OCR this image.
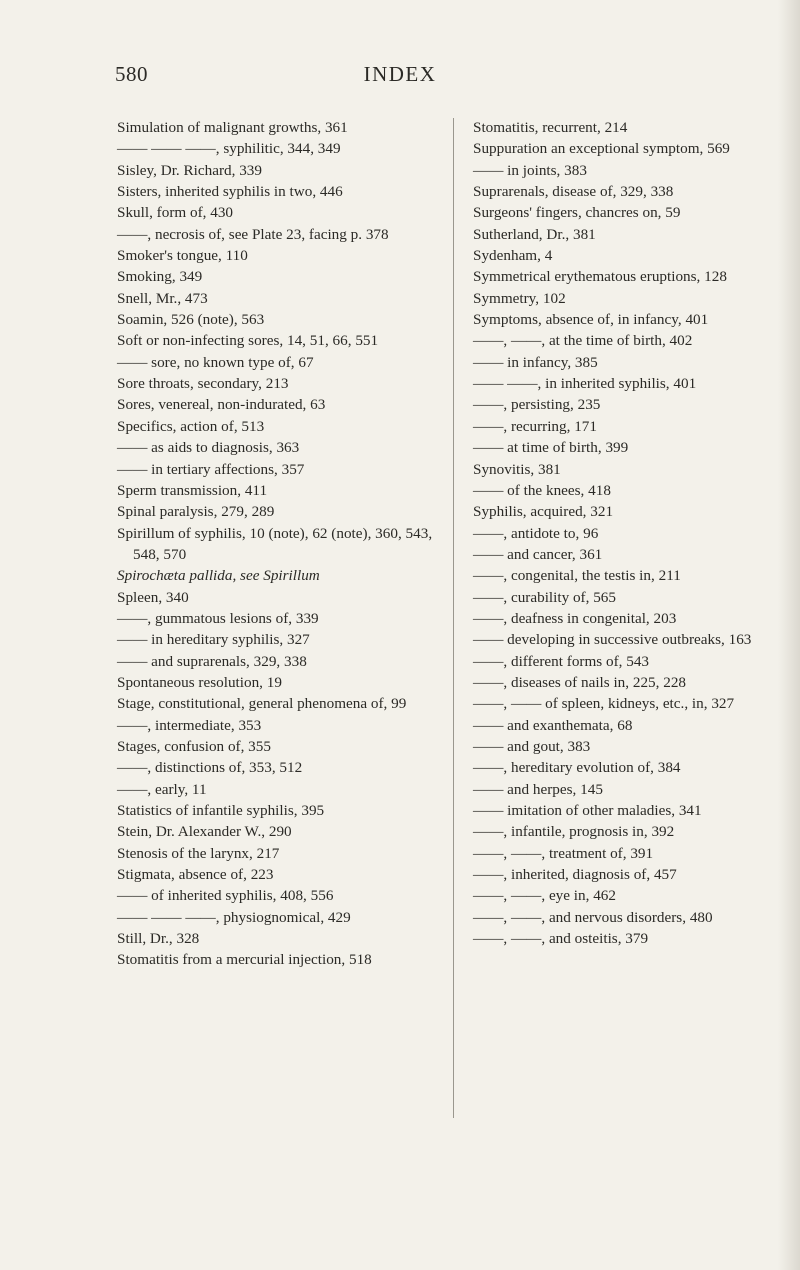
580	INDEX
Simulation of malignant growths, 361
—— —— ——, syphilitic, 344, 349
Sisley, Dr. Richard, 339
Sisters, inherited syphilis in two, 446
Skull, form of, 430
——, necrosis of, see Plate 23, facing p. 378
Smoker's tongue, 110
Smoking, 349
Snell, Mr., 473
Soamin, 526 (note), 563
Soft or non-infecting sores, 14, 51, 66, 551
—— sore, no known type of, 67
Sore throats, secondary, 213
Sores, venereal, non-indurated, 63
Specifics, action of, 513
—— as aids to diagnosis, 363
—— in tertiary affections, 357
Sperm transmission, 411
Spinal paralysis, 279, 289
Spirillum of syphilis, 10 (note), 62 (note), 360, 543, 548, 570
Spirochæta pallida, see Spirillum
Spleen, 340
——, gummatous lesions of, 339
—— in hereditary syphilis, 327
—— and suprarenals, 329, 338
Spontaneous resolution, 19
Stage, constitutional, general phenomena of, 99
——, intermediate, 353
Stages, confusion of, 355
——, distinctions of, 353, 512
——, early, 11
Statistics of infantile syphilis, 395
Stein, Dr. Alexander W., 290
Stenosis of the larynx, 217
Stigmata, absence of, 223
—— of inherited syphilis, 408, 556
—— —— ——, physiognomical, 429
Still, Dr., 328
Stomatitis from a mercurial injection, 518
Stomatitis, recurrent, 214
Suppuration an exceptional symptom, 569
—— in joints, 383
Suprarenals, disease of, 329, 338
Surgeons' fingers, chancres on, 59
Sutherland, Dr., 381
Sydenham, 4
Symmetrical erythematous eruptions, 128
Symmetry, 102
Symptoms, absence of, in infancy, 401
——, ——, at the time of birth, 402
—— in infancy, 385
—— ——, in inherited syphilis, 401
——, persisting, 235
——, recurring, 171
—— at time of birth, 399
Synovitis, 381
—— of the knees, 418
Syphilis, acquired, 321
——, antidote to, 96
—— and cancer, 361
——, congenital, the testis in, 211
——, curability of, 565
——, deafness in congenital, 203
—— developing in successive outbreaks, 163
——, different forms of, 543
——, diseases of nails in, 225, 228
——, —— of spleen, kidneys, etc., in, 327
—— and exanthemata, 68
—— and gout, 383
——, hereditary evolution of, 384
—— and herpes, 145
—— imitation of other maladies, 341
——, infantile, prognosis in, 392
——, ——, treatment of, 391
——, inherited, diagnosis of, 457
——, ——, eye in, 462
——, ——, and nervous disorders, 480
——, ——, and osteitis, 379
